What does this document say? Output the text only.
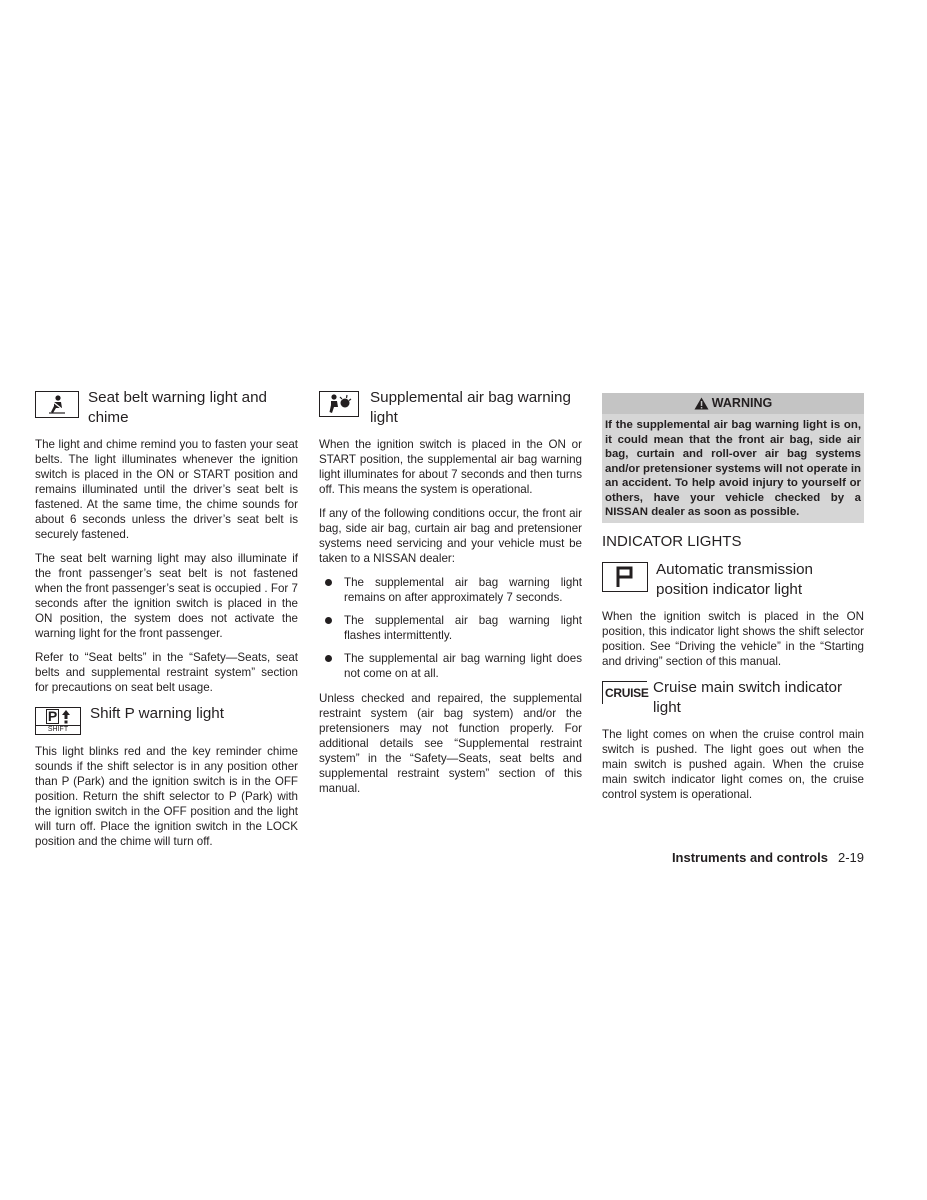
Seat belt warning light and chime

The light and chime remind you to fasten your seat belts. The light illuminates whenever the ignition switch is placed in the ON or START position and remains illuminated until the driver’s seat belt is fastened. At the same time, the chime sounds for about 6 seconds unless the driver’s seat belt is securely fastened.

The seat belt warning light may also illuminate if the front passenger’s seat belt is not fastened when the front passenger’s seat is occupied . For 7 seconds after the ignition switch is placed in the ON position, the system does not activate the warning light for the front passenger.

Refer to “Seat belts” in the “Safety—Seats, seat belts and supplemental restraint system” section for precautions on seat belt usage.

P
SHIFT
Shift P warning light

This light blinks red and the key reminder chime sounds if the shift selector is in any position other than P (Park) and the ignition switch is in the OFF position. Return the shift selector to P (Park) with the ignition switch in the OFF position and the light will turn off. Place the ignition switch in the LOCK position and the chime will turn off.

Supplemental air bag warning light

When the ignition switch is placed in the ON or START position, the supplemental air bag warning light illuminates for about 7 seconds and then turns off. This means the system is operational.

If any of the following conditions occur, the front air bag, side air bag, curtain air bag and pretensioner systems need servicing and your vehicle must be taken to a NISSAN dealer:

The supplemental air bag warning light remains on after approximately 7 seconds.
The supplemental air bag warning light flashes intermittently.
The supplemental air bag warning light does not come on at all.

Unless checked and repaired, the supplemental restraint system (air bag system) and/or the pretensioners may not function properly. For additional details see “Supplemental restraint system” in the “Safety—Seats, seat belts and supplemental restraint system” section of this manual.

WARNING
If the supplemental air bag warning light is on, it could mean that the front air bag, side air bag, curtain and roll-over air bag systems and/or pretensioner systems will not operate in an accident. To help avoid injury to yourself or others, have your vehicle checked by a NISSAN dealer as soon as possible.
INDICATOR LIGHTS
Automatic transmission position indicator light

When the ignition switch is placed in the ON position, this indicator light shows the shift selector position. See “Driving the vehicle” in the “Starting and driving” section of this manual.

CRUISE Cruise main switch indicator light

The light comes on when the cruise control main switch is pushed. The light goes out when the main switch is pushed again. When the cruise main switch indicator light comes on, the cruise control system is operational.

Instruments and controls 2-19
